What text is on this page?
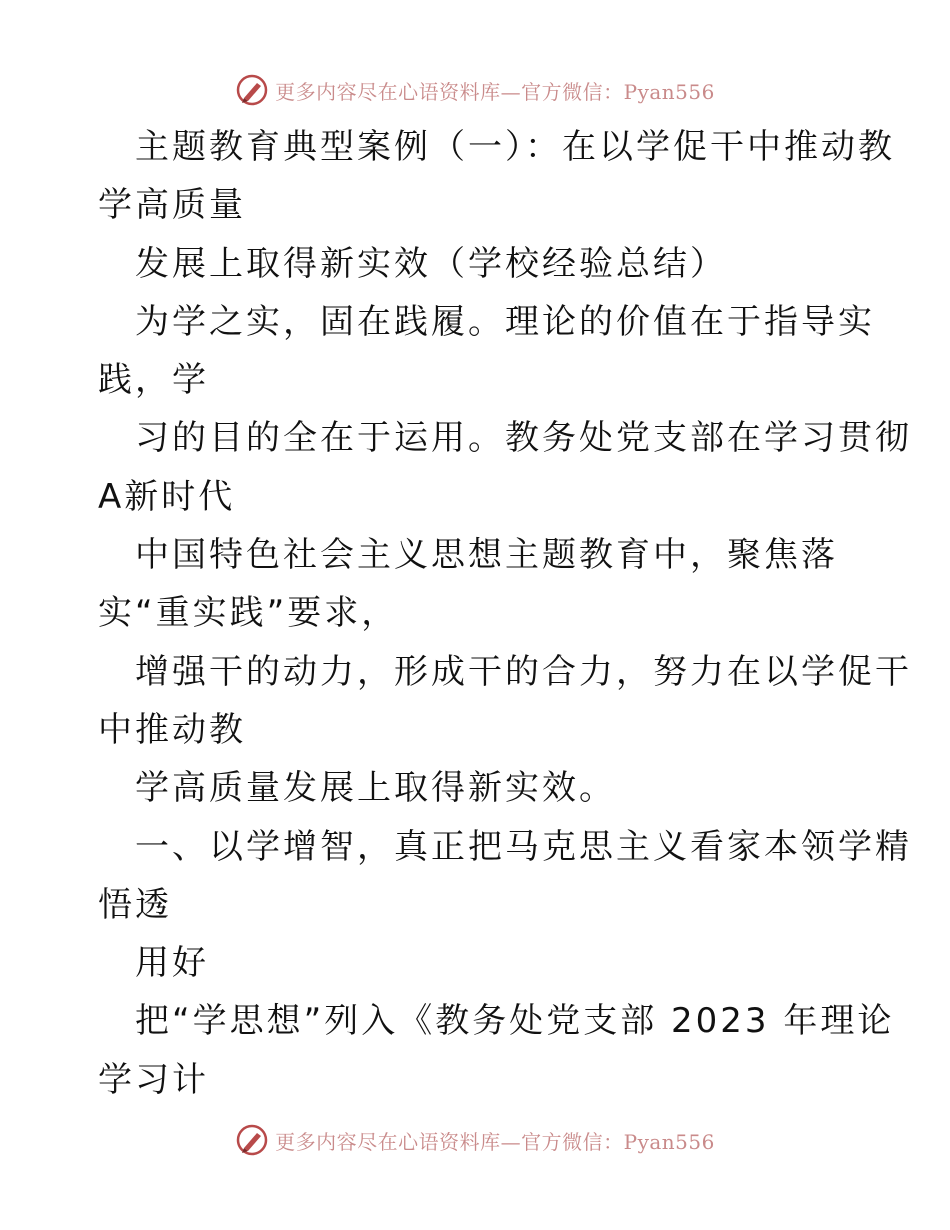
更多内容尽在心语资料库—官方微信：Pyan556
主题教育典型案例（一）：在以学促干中推动教
学高质量
发展上取得新实效（学校经验总结）
为学之实，固在践履。理论的价值在于指导实
践，学
习的目的全在于运用。教务处党支部在学习贯彻
A新时代
中国特色社会主义思想主题教育中，聚焦落
实“重实践”要求，
增强干的动力，形成干的合力，努力在以学促干
中推动教
学高质量发展上取得新实效。
一、以学增智，真正把马克思主义看家本领学精
悟透
用好
把“学思想”列入《教务处党支部 2023 年理论
学习计
更多内容尽在心语资料库—官方微信：Pyan556
